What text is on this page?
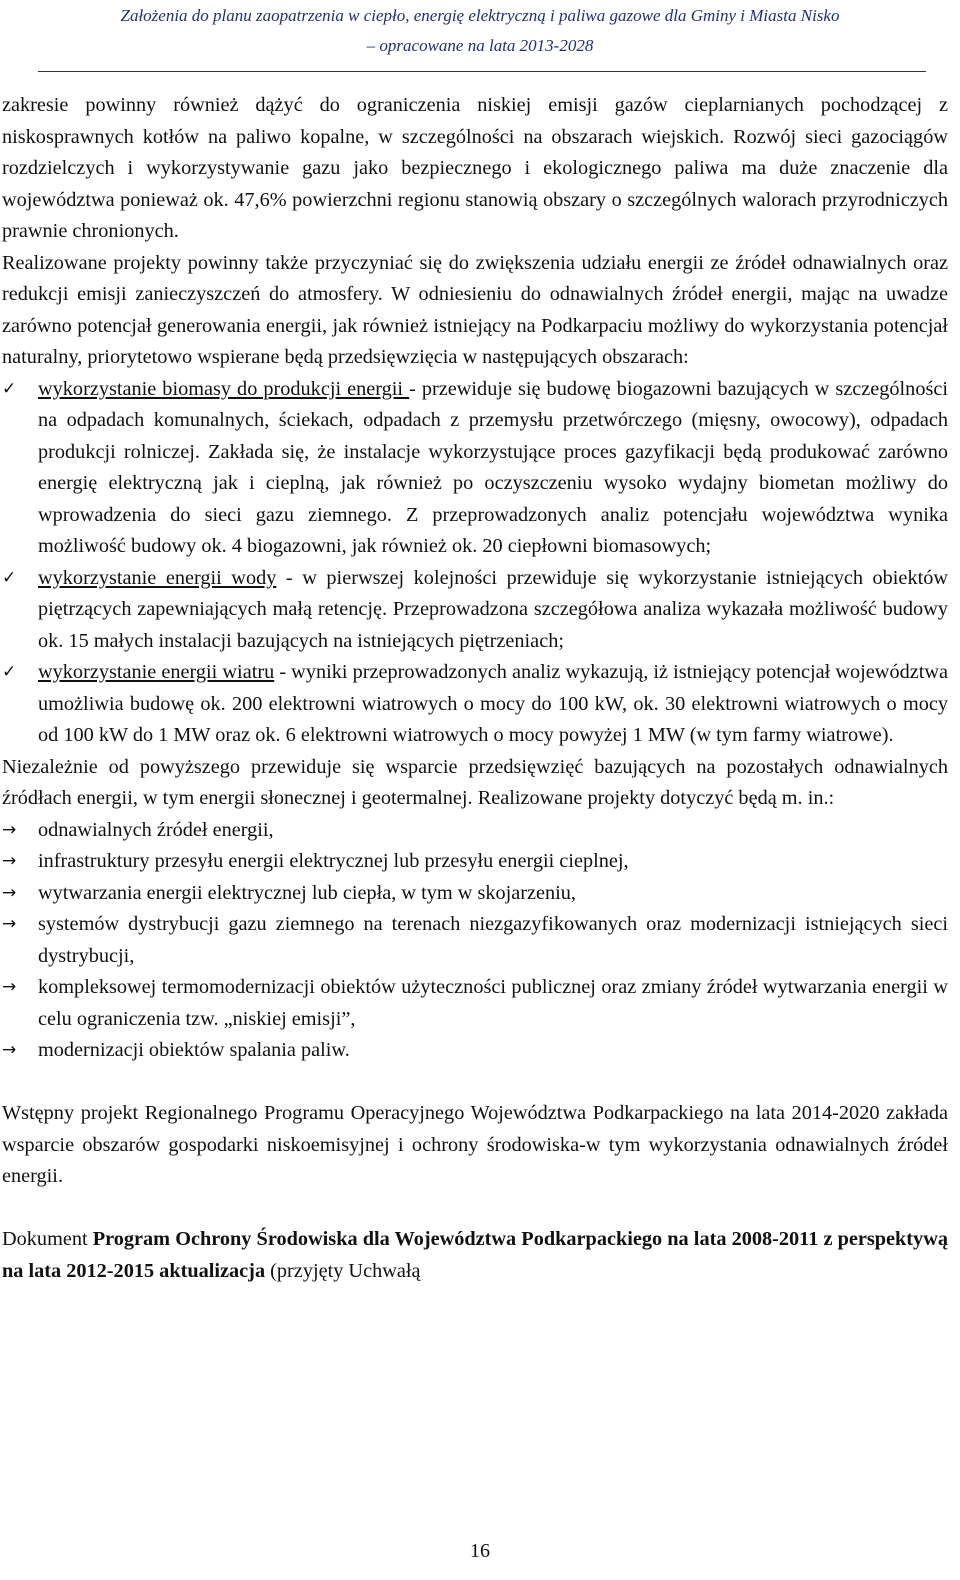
Założenia do planu zaopatrzenia w ciepło, energię elektryczną i paliwa gazowe dla Gminy i Miasta Nisko
– opracowane na lata 2013-2028

zakresie powinny również dążyć do ograniczenia niskiej emisji gazów cieplarnianych pochodzącej z niskosprawnych kotłów na paliwo kopalne, w szczególności na obszarach wiejskich. Rozwój sieci gazociągów rozdzielczych i wykorzystywanie gazu jako bezpiecznego i ekologicznego paliwa ma duże znaczenie dla województwa ponieważ ok. 47,6% powierzchni regionu stanowią obszary o szczególnych walorach przyrodniczych prawnie chronionych.

Realizowane projekty powinny także przyczyniać się do zwiększenia udziału energii ze źródeł odnawialnych oraz redukcji emisji zanieczyszczeń do atmosfery. W odniesieniu do odnawialnych źródeł energii, mając na uwadze zarówno potencjał generowania energii, jak również istniejący na Podkarpaciu możliwy do wykorzystania potencjał naturalny, priorytetowo wspierane będą przedsięwzięcia w następujących obszarach:

✓	wykorzystanie biomasy do produkcji energii - przewiduje się budowę biogazowni bazujących w szczególności na odpadach komunalnych, ściekach, odpadach z przemysłu przetwórczego (mięsny, owocowy), odpadach produkcji rolniczej. Zakłada się, że instalacje wykorzystujące proces gazyfikacji będą produkować zarówno energię elektryczną jak i cieplną, jak również po oczyszczeniu wysoko wydajny biometan możliwy do wprowadzenia do sieci gazu ziemnego. Z przeprowadzonych analiz potencjału województwa wynika możliwość budowy ok. 4 biogazowni, jak również ok. 20 ciepłowni biomasowych;
✓	wykorzystanie energii wody - w pierwszej kolejności przewiduje się wykorzystanie istniejących obiektów piętrzących zapewniających małą retencję. Przeprowadzona szczegółowa analiza wykazała możliwość budowy ok. 15 małych instalacji bazujących na istniejących piętrzeniach;
✓	wykorzystanie energii wiatru - wyniki przeprowadzonych analiz wykazują, iż istniejący potencjał województwa umożliwia budowę ok. 200 elektrowni wiatrowych o mocy do 100 kW, ok. 30 elektrowni wiatrowych o mocy od 100 kW do 1 MW oraz ok. 6 elektrowni wiatrowych o mocy powyżej 1 MW (w tym farmy wiatrowe).

Niezależnie od powyższego przewiduje się wsparcie przedsięwzięć bazujących na pozostałych odnawialnych źródłach energii, w tym energii słonecznej i geotermalnej. Realizowane projekty dotyczyć będą m. in.:

→	odnawialnych źródeł energii,
→	infrastruktury przesyłu energii elektrycznej lub przesyłu energii cieplnej,
→	wytwarzania energii elektrycznej lub ciepła, w tym w skojarzeniu,
→	systemów dystrybucji gazu ziemnego na terenach niezgazyfikowanych oraz modernizacji istniejących sieci dystrybucji,
→	kompleksowej termomodernizacji obiektów użyteczności publicznej oraz zmiany źródeł wytwarzania energii w celu ograniczenia tzw. „niskiej emisji”,
→	modernizacji obiektów spalania paliw.

Wstępny projekt Regionalnego Programu Operacyjnego Województwa Podkarpackiego na lata 2014-2020 zakłada wsparcie obszarów gospodarki niskoemisyjnej i ochrony środowiska-w tym wykorzystania odnawialnych źródeł energii.

Dokument Program Ochrony Środowiska dla Województwa Podkarpackiego na lata 2008-2011 z perspektywą na lata 2012-2015 aktualizacja (przyjęty Uchwałą

16
